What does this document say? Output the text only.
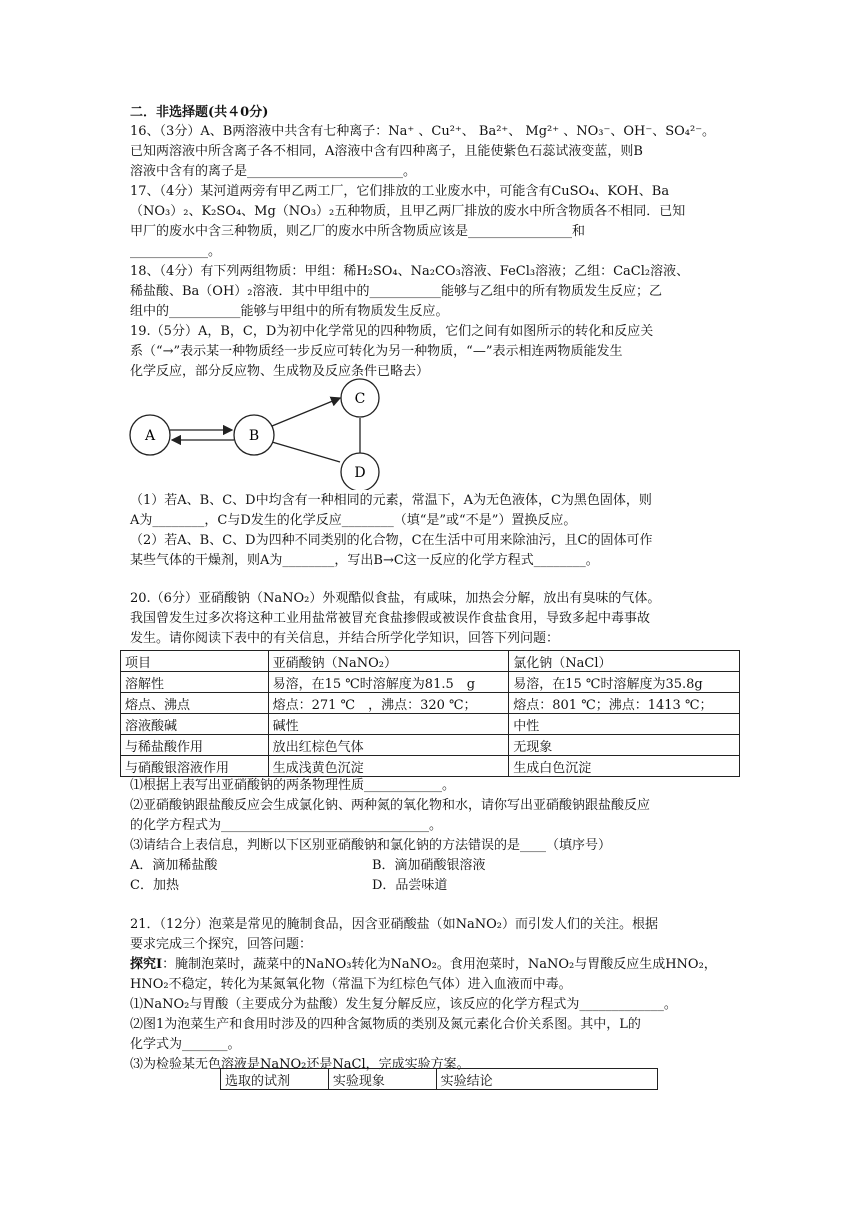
二．非选择题(共４0分)
16、（3分）A、B两溶液中共含有七种离子：Na⁺ 、Cu²⁺、 Ba²⁺、 Mg²⁺ 、NO₃⁻、OH⁻、SO₄²⁻。
已知两溶液中所含离子各不相同，A溶液中含有四种离子，且能使紫色石蕊试液变蓝，则B
溶液中含有的离子是________________________。
17、（4分）某河道两旁有甲乙两工厂，它们排放的工业废水中，可能含有CuSO₄、KOH、Ba
（NO₃）₂、K₂SO₄、Mg（NO₃）₂五种物质，且甲乙两厂排放的废水中所含物质各不相同．已知
甲厂的废水中含三种物质，则乙厂的废水中所含物质应该是________________和
____________。
18、（4分）有下列两组物质：甲组：稀H₂SO₄、Na₂CO₃溶液、FeCl₃溶液；乙组：CaCl₂溶液、
稀盐酸、Ba（OH）₂溶液．其中甲组中的___________能够与乙组中的所有物质发生反应；乙
组中的___________能够与甲组中的所有物质发生反应。
19.（5分）A，B，C，D为初中化学常见的四种物质，它们之间有如图所示的转化和反应关
系（“→”表示某一种物质经一步反应可转化为另一种物质，“—”表示相连两物质能发生
化学反应，部分反应物、生成物及反应条件已略去）
A	B
C
D
（1）若A、B、C、D中均含有一种相同的元素，常温下，A为无色液体，C为黑色固体，则
A为________，C与D发生的化学反应________（填“是”或“不是”）置换反应。
（2）若A、B、C、D为四种不同类别的化合物，C在生活中可用来除油污，且C的固体可作
某些气体的干燥剂，则A为________，写出B→C这一反应的化学方程式________。
20.（6分）亚硝酸钠（NaNO₂）外观酷似食盐，有咸味，加热会分解，放出有臭味的气体。
我国曾发生过多次将这种工业用盐常被冒充食盐掺假或被误作食盐食用，导致多起中毒事故
发生。请你阅读下表中的有关信息，并结合所学化学知识，回答下列问题：
项目	亚硝酸钠（NaNO₂）	氯化钠（NaCl）
溶解性	易溶，在15 ℃时溶解度为81.5　g	易溶，在15 ℃时溶解度为35.8g
熔点、沸点	熔点：271 ℃　，沸点：320 ℃；	熔点：801 ℃；沸点：1413 ℃；
溶液酸碱	碱性	中性
与稀盐酸作用	放出红棕色气体	无现象
与硝酸银溶液作用	生成浅黄色沉淀	生成白色沉淀
⑴根据上表写出亚硝酸钠的两条物理性质____________。
⑵亚硝酸钠跟盐酸反应会生成氯化钠、两种氮的氧化物和水，请你写出亚硝酸钠跟盐酸反应
的化学方程式为________________________________。
⑶请结合上表信息，判断以下区别亚硝酸钠和氯化钠的方法错误的是____（填序号）
A．滴加稀盐酸	B．滴加硝酸银溶液
C．加热	D．品尝味道
21．（12分）泡菜是常见的腌制食品，因含亚硝酸盐（如NaNO₂）而引发人们的关注。根据
要求完成三个探究，回答问题：
探究Ⅰ：腌制泡菜时，蔬菜中的NaNO₃转化为NaNO₂。食用泡菜时，NaNO₂与胃酸反应生成HNO₂，
HNO₂不稳定，转化为某氮氧化物（常温下为红棕色气体）进入血液而中毒。
⑴NaNO₂与胃酸（主要成分为盐酸）发生复分解反应，该反应的化学方程式为_____________。
⑵图1为泡菜生产和食用时涉及的四种含氮物质的类别及氮元素化合价关系图。其中，L的
化学式为_______。
⑶为检验某无色溶液是NaNO₂还是NaCl，完成实验方案。
选取的试剂	实验现象	实验结论
